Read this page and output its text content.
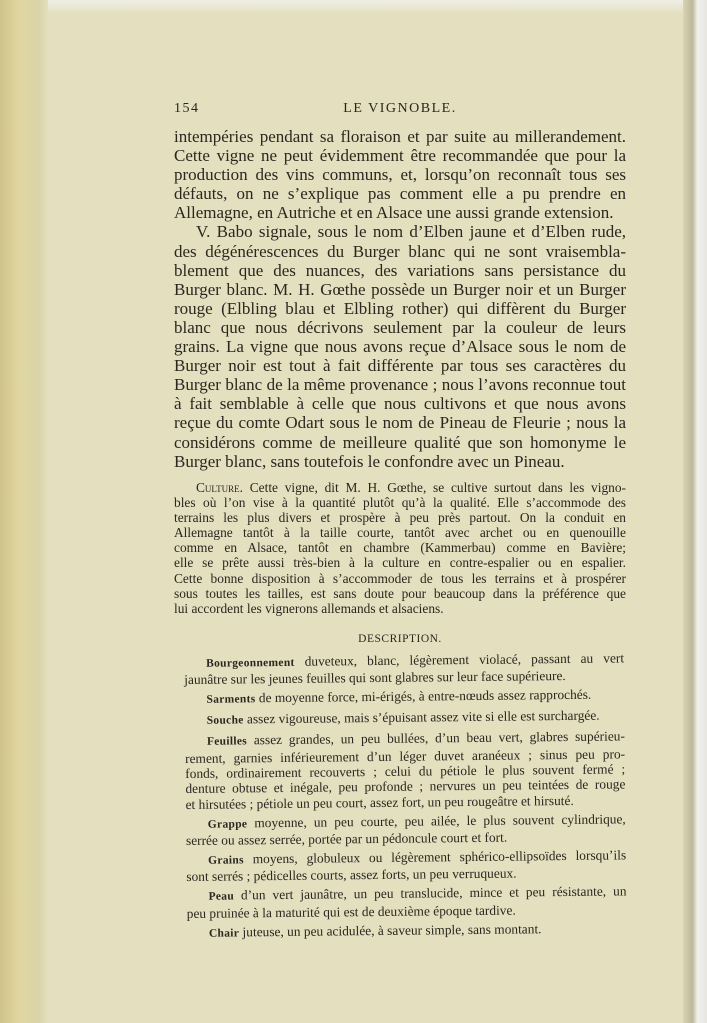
154	LE VIGNOBLE.
intempéries pendant sa floraison et par suite au millerandement.
Cette vigne ne peut évidemment être recommandée que pour la
production des vins communs, et, lorsqu’on reconnaît tous ses
défauts, on ne s’explique pas comment elle a pu prendre en
Allemagne, en Autriche et en Alsace une aussi grande extension.
V. Babo signale, sous le nom d’Elben jaune et d’Elben rude,
des dégénérescences du Burger blanc qui ne sont vraisembla-
blement que des nuances, des variations sans persistance du
Burger blanc. M. H. Gœthe possède un Burger noir et un Burger
rouge (Elbling blau et Elbling rother) qui diffèrent du Burger
blanc que nous décrivons seulement par la couleur de leurs
grains. La vigne que nous avons reçue d’Alsace sous le nom de
Burger noir est tout à fait différente par tous ses caractères du
Burger blanc de la même provenance ; nous l’avons reconnue tout
à fait semblable à celle que nous cultivons et que nous avons
reçue du comte Odart sous le nom de Pineau de Fleurie ; nous la
considérons comme de meilleure qualité que son homonyme le
Burger blanc, sans toutefois le confondre avec un Pineau.
Culture. Cette vigne, dit M. H. Gœthe, se cultive surtout dans les vigno-
bles où l’on vise à la quantité plutôt qu’à la qualité. Elle s’accommode des
terrains les plus divers et prospère à peu près partout. On la conduit en
Allemagne tantôt à la taille courte, tantôt avec archet ou en quenouille
comme en Alsace, tantôt en chambre (Kammerbau) comme en Bavière;
elle se prête aussi très-bien à la culture en contre-espalier ou en espalier.
Cette bonne disposition à s’accommoder de tous les terrains et à prospérer
sous toutes les tailles, est sans doute pour beaucoup dans la préférence que
lui accordent les vignerons allemands et alsaciens.
DESCRIPTION.
Bourgeonnement duveteux, blanc, légèrement violacé, passant au vert
jaunâtre sur les jeunes feuilles qui sont glabres sur leur face supérieure.
Sarments de moyenne force, mi-érigés, à entre-nœuds assez rapprochés.
Souche assez vigoureuse, mais s’épuisant assez vite si elle est surchargée.
Feuilles assez grandes, un peu bullées, d’un beau vert, glabres supérieu-
rement, garnies inférieurement d’un léger duvet aranéeux ; sinus peu pro-
fonds, ordinairement recouverts ; celui du pétiole le plus souvent fermé ;
denture obtuse et inégale, peu profonde ; nervures un peu teintées de rouge
et hirsutées ; pétiole un peu court, assez fort, un peu rougeâtre et hirsuté.
Grappe moyenne, un peu courte, peu ailée, le plus souvent cylindrique,
serrée ou assez serrée, portée par un pédoncule court et fort.
Grains moyens, globuleux ou légèrement sphérico-ellipsoïdes lorsqu’ils
sont serrés ; pédicelles courts, assez forts, un peu verruqueux.
Peau d’un vert jaunâtre, un peu translucide, mince et peu résistante, un
peu pruinée à la maturité qui est de deuxième époque tardive.
Chair juteuse, un peu acidulée, à saveur simple, sans montant.
